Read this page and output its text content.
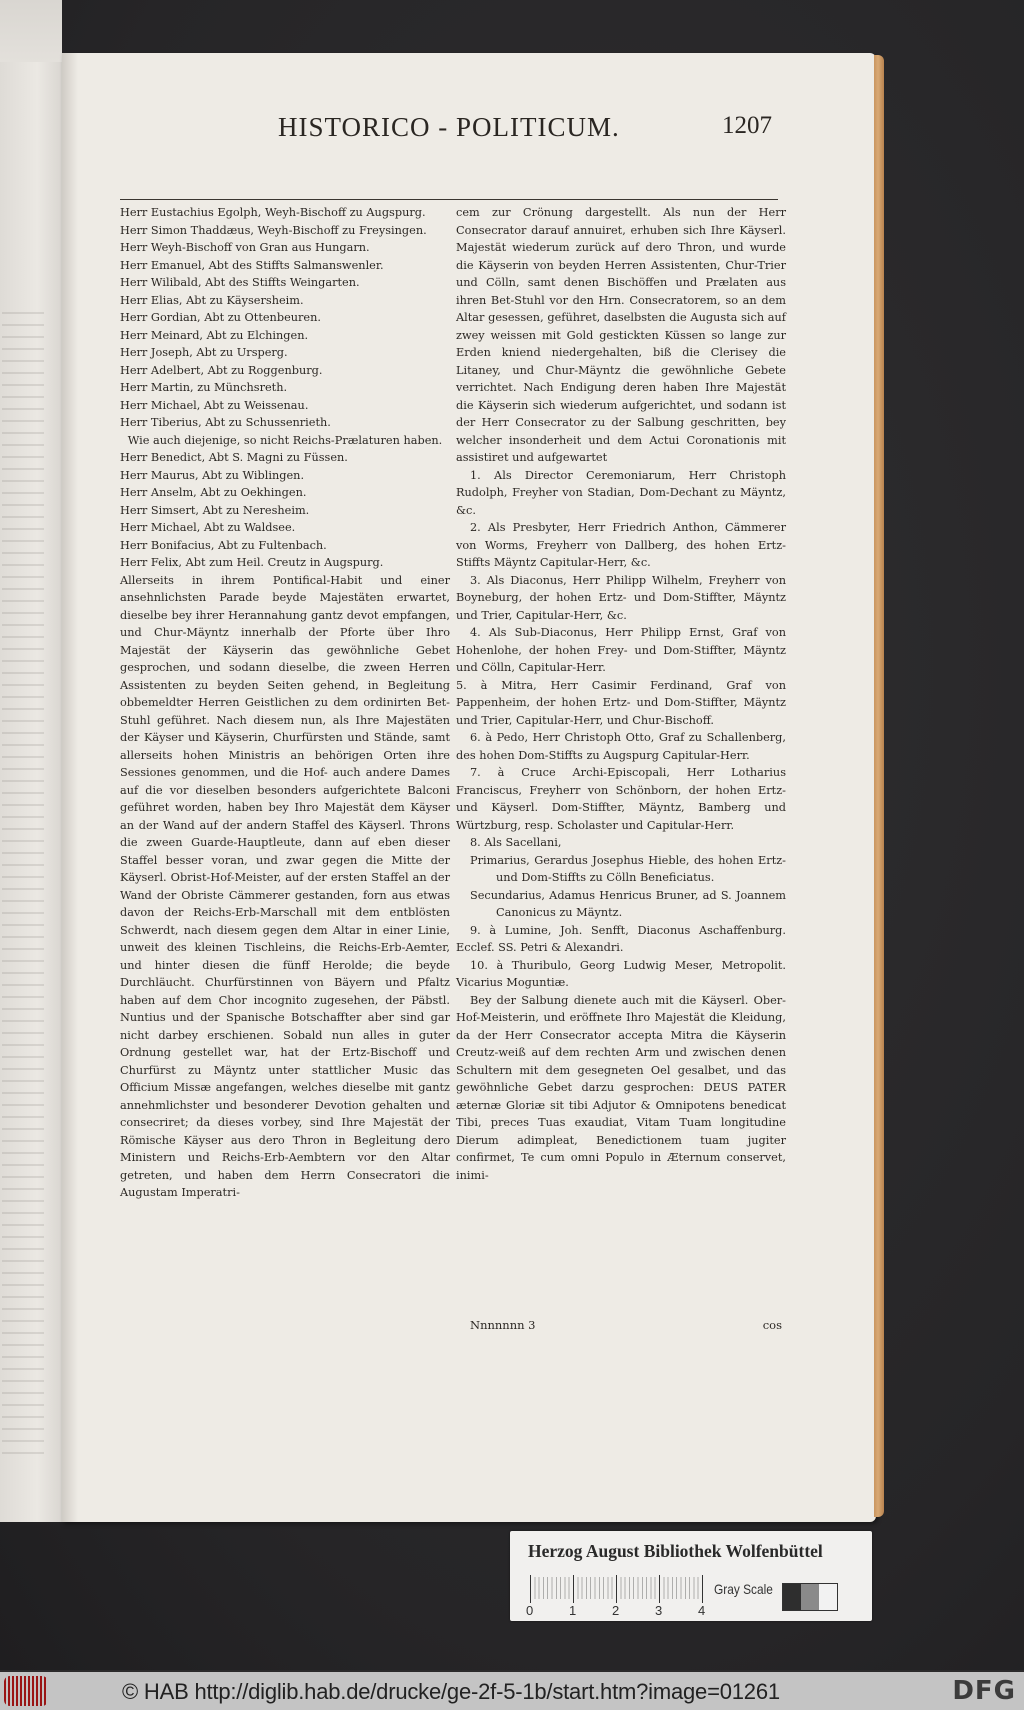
HISTORICO - POLITICUM.	1207

Herr Eustachius Egolph, Weyh-Bischoff zu Augspurg.

Herr Simon Thaddæus, Weyh-Bischoff zu Freysingen.

Herr Weyh-Bischoff von Gran aus Hungarn.

Herr Emanuel, Abt des Stiffts Salmanswenler.

Herr Wilibald, Abt des Stiffts Weingarten.

Herr Elias, Abt zu Käysersheim.

Herr Gordian, Abt zu Ottenbeuren.

Herr Meinard, Abt zu Elchingen.

Herr Joseph, Abt zu Ursperg.

Herr Adelbert, Abt zu Roggenburg.

Herr Martin, zu Münchsreth.

Herr Michael, Abt zu Weissenau.

Herr Tiberius, Abt zu Schussenrieth.

Wie auch diejenige, so nicht Reichs-Prælaturen haben.

Herr Benedict, Abt S. Magni zu Füssen.

Herr Maurus, Abt zu Wiblingen.

Herr Anselm, Abt zu Oekhingen.

Herr Simsert, Abt zu Neresheim.

Herr Michael, Abt zu Waldsee.

Herr Bonifacius, Abt zu Fultenbach.

Herr Felix, Abt zum Heil. Creutz in Augspurg.

Allerseits in ihrem Pontifical-Habit und einer ansehnlichsten Parade beyde Majestäten erwartet, dieselbe bey ihrer Herannahung gantz devot empfangen, und Chur-Mäyntz innerhalb der Pforte über Ihro Majestät der Käyserin das gewöhnliche Gebet gesprochen, und sodann dieselbe, die zween Herren Assistenten zu beyden Seiten gehend, in Begleitung obbemeldter Herren Geistlichen zu dem ordinirten Bet-Stuhl geführet. Nach diesem nun, als Ihre Majestäten der Käyser und Käyserin, Churfürsten und Stände, samt allerseits hohen Ministris an behörigen Orten ihre Sessiones genommen, und die Hof- auch andere Dames auf die vor dieselben besonders aufgerichtete Balconi geführet worden, haben bey Ihro Majestät dem Käyser an der Wand auf der andern Staffel des Käyserl. Throns die zween Guarde-Hauptleute, dann auf eben dieser Staffel besser voran, und zwar gegen die Mitte der Käyserl. Obrist-Hof-Meister, auf der ersten Staffel an der Wand der Obriste Cämmerer gestanden, forn aus etwas davon der Reichs-Erb-Marschall mit dem entblösten Schwerdt, nach diesem gegen dem Altar in einer Linie, unweit des kleinen Tischleins, die Reichs-Erb-Aemter, und hinter diesen die fünff Herolde; die beyde Durchläucht. Churfürstinnen von Bäyern und Pfaltz haben auf dem Chor incognito zugesehen, der Päbstl. Nuntius und der Spanische Botschaffter aber sind gar nicht darbey erschienen. Sobald nun alles in guter Ordnung gestellet war, hat der Ertz-Bischoff und Churfürst zu Mäyntz unter stattlicher Music das Officium Missæ angefangen, welches dieselbe mit gantz annehmlichster und besonderer Devotion gehalten und consecriret; da dieses vorbey, sind Ihre Majestät der Römische Käyser aus dero Thron in Begleitung dero Ministern und Reichs-Erb-Aembtern vor den Altar getreten, und haben dem Herrn Consecratori die Augustam Imperatri-

cem zur Crönung dargestellt. Als nun der Herr Consecrator darauf annuiret, erhuben sich Ihre Käyserl. Majestät wiederum zurück auf dero Thron, und wurde die Käyserin von beyden Herren Assistenten, Chur-Trier und Cölln, samt denen Bischöffen und Prælaten aus ihren Bet-Stuhl vor den Hrn. Consecratorem, so an dem Altar gesessen, geführet, daselbsten die Augusta sich auf zwey weissen mit Gold gestickten Küssen so lange zur Erden kniend niedergehalten, biß die Clerisey die Litaney, und Chur-Mäyntz die gewöhnliche Gebete verrichtet. Nach Endigung deren haben Ihre Majestät die Käyserin sich wiederum aufgerichtet, und sodann ist der Herr Consecrator zu der Salbung geschritten, bey welcher insonderheit und dem Actui Coronationis mit assistiret und aufgewartet

1. Als Director Ceremoniarum, Herr Christoph Rudolph, Freyher von Stadian, Dom-Dechant zu Mäyntz, &c.

2. Als Presbyter, Herr Friedrich Anthon, Cämmerer von Worms, Freyherr von Dallberg, des hohen Ertz-Stiffts Mäyntz Capitular-Herr, &c.

3. Als Diaconus, Herr Philipp Wilhelm, Freyherr von Boyneburg, der hohen Ertz- und Dom-Stiffter, Mäyntz und Trier, Capitular-Herr, &c.

4. Als Sub-Diaconus, Herr Philipp Ernst, Graf von Hohenlohe, der hohen Frey- und Dom-Stiffter, Mäyntz und Cölln, Capitular-Herr.

5. à Mitra, Herr Casimir Ferdinand, Graf von Pappenheim, der hohen Ertz- und Dom-Stiffter, Mäyntz und Trier, Capitular-Herr, und Chur-Bischoff.

6. à Pedo, Herr Christoph Otto, Graf zu Schallenberg, des hohen Dom-Stiffts zu Augspurg Capitular-Herr.

7. à Cruce Archi-Episcopali, Herr Lotharius Franciscus, Freyherr von Schönborn, der hohen Ertz- und Käyserl. Dom-Stiffter, Mäyntz, Bamberg und Würtzburg, resp. Scholaster und Capitular-Herr.

8. Als Sacellani,

Primarius, Gerardus Josephus Hieble, des hohen Ertz- und Dom-Stiffts zu Cölln Beneficiatus.

Secundarius, Adamus Henricus Bruner, ad S. Joannem Canonicus zu Mäyntz.

9. à Lumine, Joh. Senfft, Diaconus Aschaffenburg. Ecclef. SS. Petri & Alexandri.

10. à Thuribulo, Georg Ludwig Meser, Metropolit. Vicarius Moguntiæ.

Bey der Salbung dienete auch mit die Käyserl. Ober-Hof-Meisterin, und eröffnete Ihro Majestät die Kleidung, da der Herr Consecrator accepta Mitra die Käyserin Creutz-weiß auf dem rechten Arm und zwischen denen Schultern mit dem gesegneten Oel gesalbet, und das gewöhnliche Gebet darzu gesprochen: DEUS PATER æternæ Gloriæ sit tibi Adjutor & Omnipotens benedicat Tibi, preces Tuas exaudiat, Vitam Tuam longitudine Dierum adimpleat, Benedictionem tuam jugiter confirmet, Te cum omni Populo in Æternum conservet, inimi-

Nnnnnnn 3	cos
Herzog August Bibliothek Wolfenbüttel
0	1	2	3	4
Gray Scale
© HAB http://diglib.hab.de/drucke/ge-2f-5-1b/start.htm?image=01261	DFG
